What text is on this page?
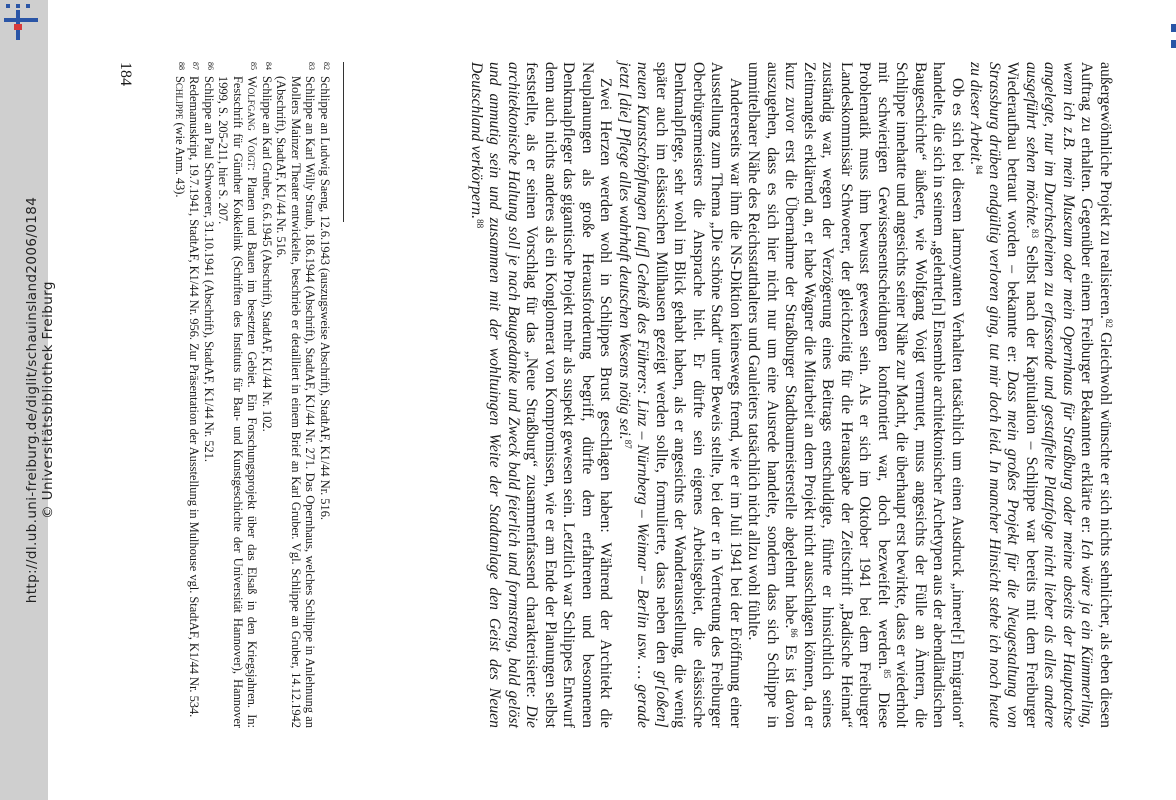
http://dl.ub.uni-freiburg.de/diglit/schauinsland2006/0184 © Universitätsbibliothek Freiburg

außergewöhnliche Projekt zu realisieren.$^{82}$ Gleichwohl wünschte er sich nichts sehnlicher, als eben diesen Auftrag zu erhalten. Gegenüber einem Freiburger Bekannten erklärte er: Ich wäre ja ein Kümmerling, wenn ich z.B. mein Museum oder mein Opernhaus für Straßburg oder meine abseits der Hauptachse angelegte, nur im Durchscheinen zu erfassende und gestaffelte Platzfolge nicht lieber als alles andere ausgeführt sehen möchte.$^{83}$ Selbst nach der Kapitulation – Schlippe war bereits mit dem Freiburger Wiederaufbau betraut worden – bekannte er: Dass mein großes Projekt für die Neugestaltung von Strassburg drüben endgültig verloren ging, tut mir doch leid. In mancher Hinsicht stehe ich noch heute zu dieser Arbeit.$^{84}$

Ob es sich bei diesem larmoyanten Verhalten tatsächlich um einen Ausdruck „innere[r] Emigration“ handelte, die sich in seinem „gelehrte[n] Ensemble architektonischer Archetypen aus der abendländischen Baugeschichte“ äußerte, wie Wolfgang Voigt vermutet, muss angesichts der Fülle an Ämtern, die Schlippe innehatte und angesichts seiner Nähe zur Macht, die überhaupt erst bewirkte, dass er wiederholt mit schwierigen Gewissensentscheidungen konfrontiert war, doch bezweifelt werden.$^{85}$ Diese Problematik muss ihm bewusst gewesen sein. Als er sich im Oktober 1941 bei dem Freiburger Landeskommissär Schwoerer, der gleichzeitig für die Herausgabe der Zeitschrift „Badische Heimat“ zuständig war, wegen der Verzögerung eines Beitrags entschuldigte, führte er hinsichtlich seines Zeitmangels erklärend an, er habe Wagner die Mitarbeit an dem Projekt nicht ausschlagen können, da er kurz zuvor erst die Übernahme der Straßburger Stadtbaumeisterstelle abgelehnt habe.$^{86}$ Es ist davon auszugehen, dass es sich hier nicht nur um eine Ausrede handelte, sondern dass sich Schlippe in unmittelbarer Nähe des Reichsstatthalters und Gauleiters tatsächlich nicht allzu wohl fühlte.

Andererseits war ihm die NS-Diktion keineswegs fremd, wie er im Juli 1941 bei der Eröffnung einer Ausstellung zum Thema „Die schöne Stadt“ unter Beweis stellte, bei der er in Vertretung des Freiburger Oberbürgermeisters die Ansprache hielt. Er dürfte sein eigenes Arbeitsgebiet, die elsässische Denkmalpflege, sehr wohl im Blick gehabt haben, als er angesichts der Wanderausstellung, die wenig später auch im elsässischen Mülhausen gezeigt werden sollte, formulierte, dass neben den gr[oßen] neuen Kunstschöpfungen [auf] Geheiß des Führers: Linz – Nürnberg – Weimar – Berlin usw. … gerade jetzt [die] Pflege alles wahrhaft deutschen Wesens nötig sei.$^{87}$

Zwei Herzen werden wohl in Schlippes Brust geschlagen haben: Während der Architekt die Neuplanungen als große Herausforderung begriff, dürfte dem erfahrenen und besonnenen Denkmalpfleger das gigantische Projekt mehr als suspekt gewesen sein. Letztlich war Schlippes Entwurf denn auch nichts anderes als ein Konglomerat von Kompromissen, wie er am Ende der Planungen selbst feststellte, als er seinen Vorschlag für das „Neue Straßburg“ zusammenfassend charakterisierte: Die architektonische Haltung soll je nach Baugedanke und Zweck bald feierlich und formstreng, bald gelöst und anmutig sein und zusammen mit der wohltuingen Weite der Stadtanlage den Geist des Neuen Deutschland verkörpern.$^{88}$

82
Schlippe an Ludwig Saeng, 12.6.1943 (auszugsweise Abschrift), StadtAF, K1/44 Nr. 516.

83
Schlippe an Karl Willy Straub, 18.6.1944 (Abschrift), StadtAF, K1/44 Nr. 271. Das Opernhaus, welches Schlippe in Anlehnung an Mollers Mainzer Theater entwickelte, beschrieb er detailliert in einem Brief an Karl Gruber. Vgl. Schlippe an Gruber, 14.12.1942 (Abschrift), StadtAF, K1/44 Nr. 516.

84
Schlippe an Karl Gruber, 6.6.1945 (Abschrift), StadtAF, K1/44 Nr. 102.

85
Wolfgang Voigt: Planen und Bauen im besetzten Gebiet. Ein Forschungsprojekt über das Elsaß in den Kriegsjahren. In: Festschrift für Günther Kokkelink (Schriften des Instituts für Bau- und Kunstgeschichte der Universität Hannover), Hannover 1999, S. 205-211, hier S. 207.

86
Schlippe an Paul Schwoerer, 31.10.1941 (Abschrift), StadtAF, K1/44 Nr. 521.

87
Redemanuskript, 19.7.1941, StadtAF, K1/44 Nr. 956. Zur Präsentation der Ausstellung in Mulhouse vgl. StadtAF, K1/44 Nr. 534.

88
Schlippe (wie Anm. 43).

184
